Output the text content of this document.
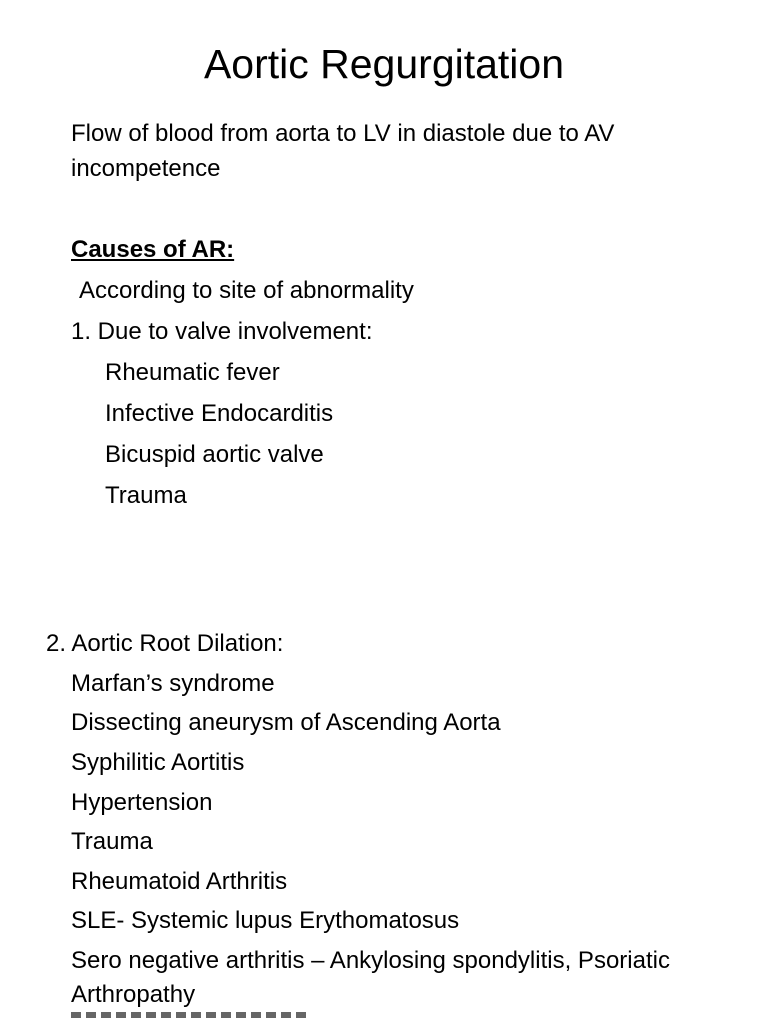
Aortic Regurgitation
Flow of blood from aorta to LV in diastole due to AV incompetence
Causes of AR:
According to site of abnormality
1. Due to valve involvement:
Rheumatic fever
Infective Endocarditis
Bicuspid aortic valve
Trauma
2. Aortic Root Dilation:
Marfan’s syndrome
Dissecting aneurysm of Ascending Aorta
Syphilitic Aortitis
Hypertension
Trauma
Rheumatoid Arthritis
SLE- Systemic lupus Erythomatosus
Sero negative arthritis – Ankylosing spondylitis, Psoriatic
Arthropathy
